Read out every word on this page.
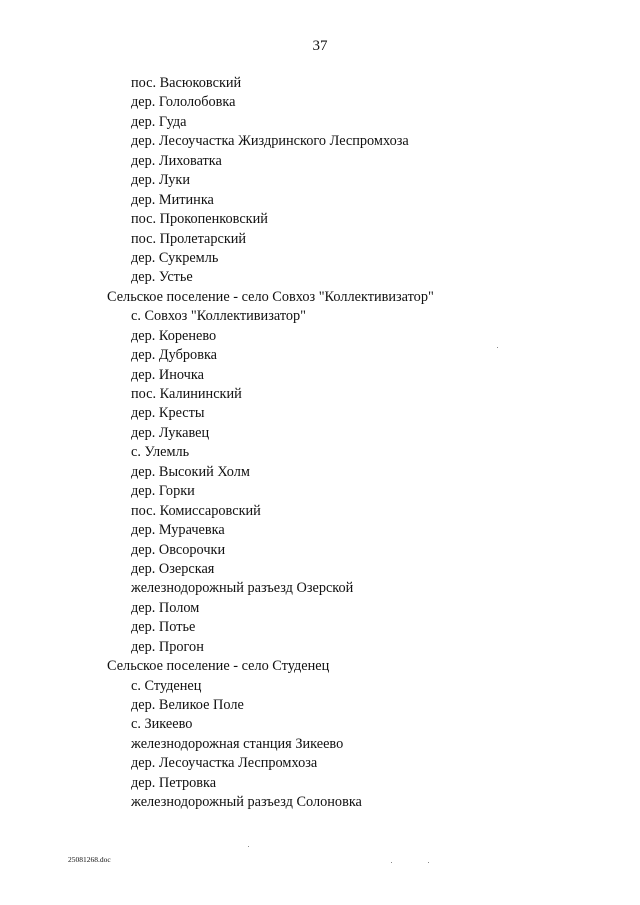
37
пос. Васюковский
дер. Гололобовка
дер. Гуда
дер. Лесоучастка Жиздринского Леспромхоза
дер. Лиховатка
дер. Луки
дер. Митинка
пос. Прокопенковский
пос. Пролетарский
дер. Сукремль
дер. Устье
Сельское поселение - село Совхоз "Коллективизатор"
с. Совхоз "Коллективизатор"
дер. Коренево
дер. Дубровка
дер. Иночка
пос. Калининский
дер. Кресты
дер. Лукавец
с. Улемль
дер. Высокий Холм
дер. Горки
пос. Комиссаровский
дер. Мурачевка
дер. Овсорочки
дер. Озерская
железнодорожный разъезд Озерской
дер. Полом
дер. Потье
дер. Прогон
Сельское поселение - село Студенец
с. Студенец
дер. Великое Поле
с. Зикеево
железнодорожная станция Зикеево
дер. Лесоучастка Леспромхоза
дер. Петровка
железнодорожный разъезд Солоновка
25081268.doc
